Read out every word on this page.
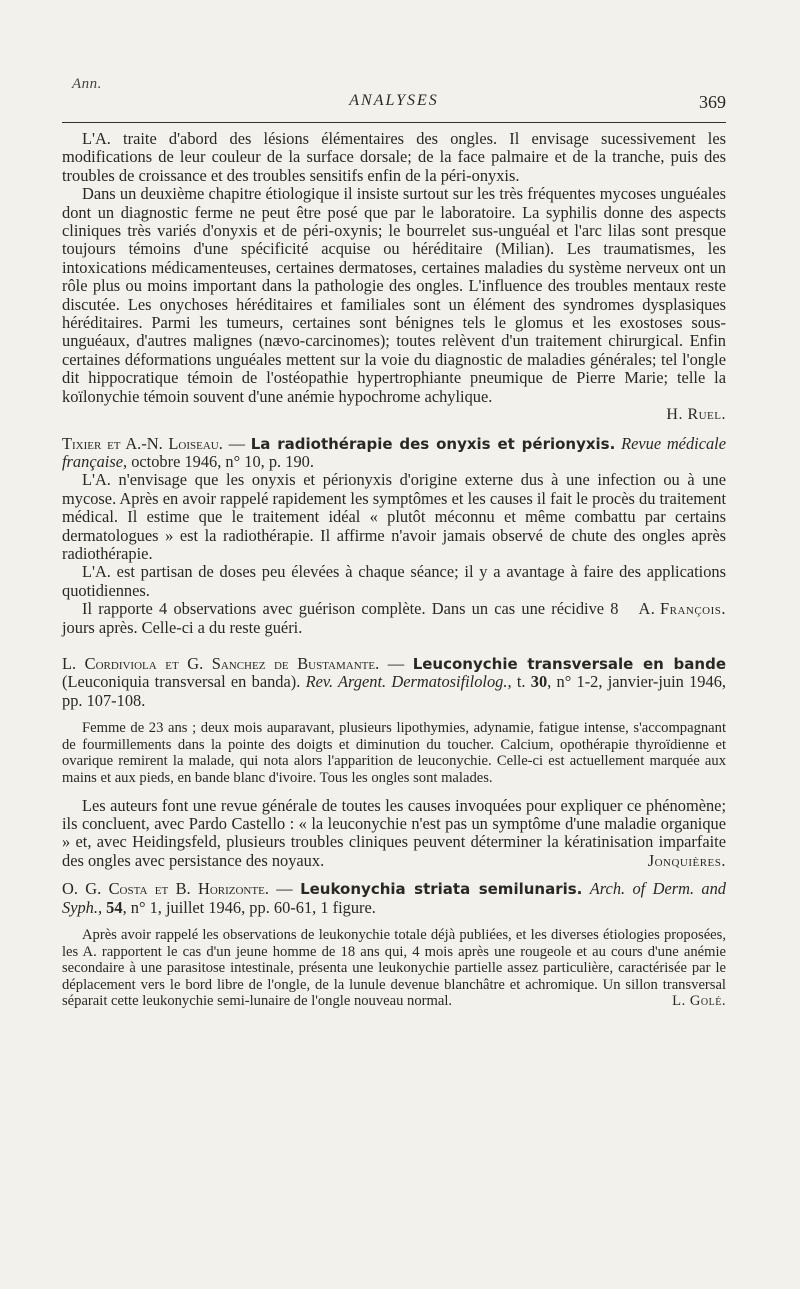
Ann.
ANALYSES	369

L'A. traite d'abord des lésions élémentaires des ongles. Il envisage sucessivement les modifications de leur couleur de la surface dorsale; de la face palmaire et de la tranche, puis des troubles de croissance et des troubles sensitifs enfin de la péri-onyxis.

Dans un deuxième chapitre étiologique il insiste surtout sur les très fréquentes mycoses unguéales dont un diagnostic ferme ne peut être posé que par le laboratoire. La syphilis donne des aspects cliniques très variés d'onyxis et de péri-oxynis; le bourrelet sus-unguéal et l'arc lilas sont presque toujours témoins d'une spécificité acquise ou héréditaire (Milian). Les traumatismes, les intoxications médicamenteuses, certaines dermatoses, certaines maladies du système nerveux ont un rôle plus ou moins important dans la pathologie des ongles. L'influence des troubles mentaux reste discutée. Les onychoses héréditaires et familiales sont un élément des syndromes dysplasiques héréditaires. Parmi les tumeurs, certaines sont bénignes tels le glomus et les exostoses sous-unguéaux, d'autres malignes (nævo-carcinomes); toutes relèvent d'un traitement chirurgical. Enfin certaines déformations unguéales mettent sur la voie du diagnostic de maladies générales; tel l'ongle dit hippocratique témoin de l'ostéopathie hypertrophiante pneumique de Pierre Marie; telle la koïlonychie témoin souvent d'une anémie hypochrome achylique.

H. Ruel.

Tixier et A.-N. Loiseau. — La radiothérapie des onyxis et périonyxis. Revue médicale française, octobre 1946, n° 10, p. 190.

L'A. n'envisage que les onyxis et périonyxis d'origine externe dus à une infection ou à une mycose. Après en avoir rappelé rapidement les symptômes et les causes il fait le procès du traitement médical. Il estime que le traitement idéal « plutôt méconnu et même combattu par certains dermatologues » est la radiothérapie. Il affirme n'avoir jamais observé de chute des ongles après radiothérapie.

L'A. est partisan de doses peu élevées à chaque séance; il y a avantage à faire des applications quotidiennes.

A. François.
Il rapporte 4 observations avec guérison complète. Dans un cas une récidive 8 jours après. Celle-ci a du reste guéri.

L. Cordiviola et G. Sanchez de Bustamante. — Leuconychie transversale en bande (Leuconiquia transversal en banda). Rev. Argent. Dermatosifilolog., t. 30, n° 1-2, janvier-juin 1946, pp. 107-108.

Femme de 23 ans ; deux mois auparavant, plusieurs lipothymies, adynamie, fatigue intense, s'accompagnant de fourmillements dans la pointe des doigts et diminution du toucher. Calcium, opothérapie thyroïdienne et ovarique remirent la malade, qui nota alors l'apparition de leuconychie. Celle-ci est actuellement marquée aux mains et aux pieds, en bande blanc d'ivoire. Tous les ongles sont malades.

Les auteurs font une revue générale de toutes les causes invoquées pour expliquer ce phénomène; ils concluent, avec Pardo Castello : « la leuconychie n'est pas un symptôme d'une maladie organique » et, avec Heidingsfeld, plusieurs troubles cliniques peuvent déterminer la kératinisation imparfaite des ongles avec persistance des noyaux.	Jonquières.

O. G. Costa et B. Horizonte. — Leukonychia striata semilunaris. Arch. of Derm. and Syph., 54, n° 1, juillet 1946, pp. 60-61, 1 figure.

Après avoir rappelé les observations de leukonychie totale déjà publiées, et les diverses étiologies proposées, les A. rapportent le cas d'un jeune homme de 18 ans qui, 4 mois après une rougeole et au cours d'une anémie secondaire à une parasitose intestinale, présenta une leukonychie partielle assez particulière, caractérisée par le déplacement vers le bord libre de l'ongle, de la lunule devenue blanchâtre et achromique. Un sillon transversal séparait cette leukonychie semi-lunaire de l'ongle nouveau normal.	L. Golé.
